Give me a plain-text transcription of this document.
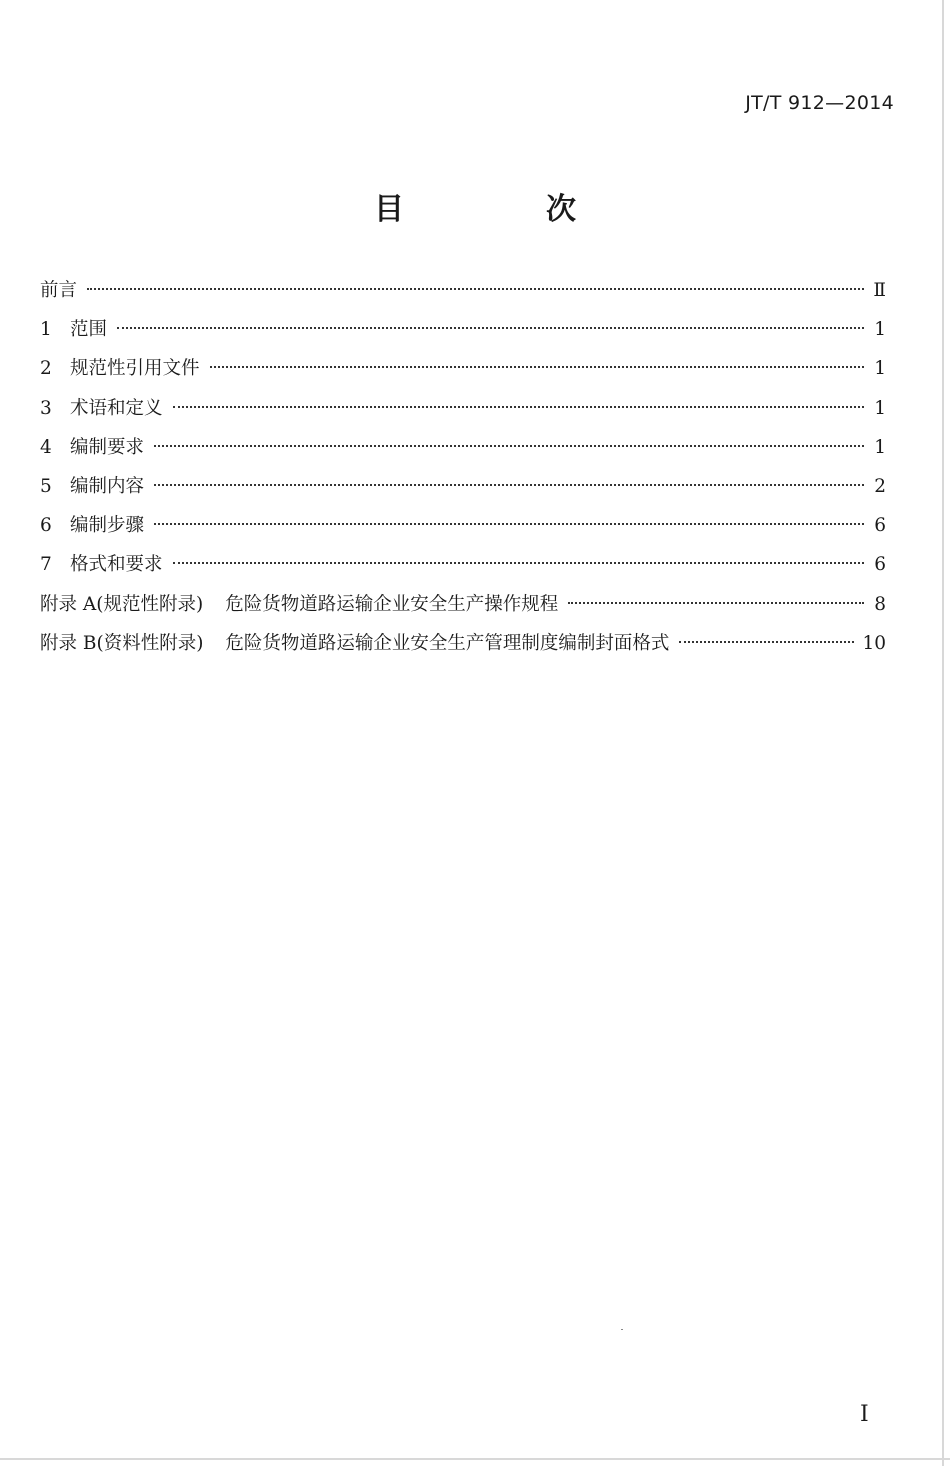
JT/T 912—2014
目　次
前言	Ⅱ
1 范围	1
2 规范性引用文件	1
3 术语和定义	1
4 编制要求	1
5 编制内容	2
6 编制步骤	6
7 格式和要求	6
附录 A(规范性附录) 危险货物道路运输企业安全生产操作规程	8
附录 B(资料性附录) 危险货物道路运输企业安全生产管理制度编制封面格式	10
I
